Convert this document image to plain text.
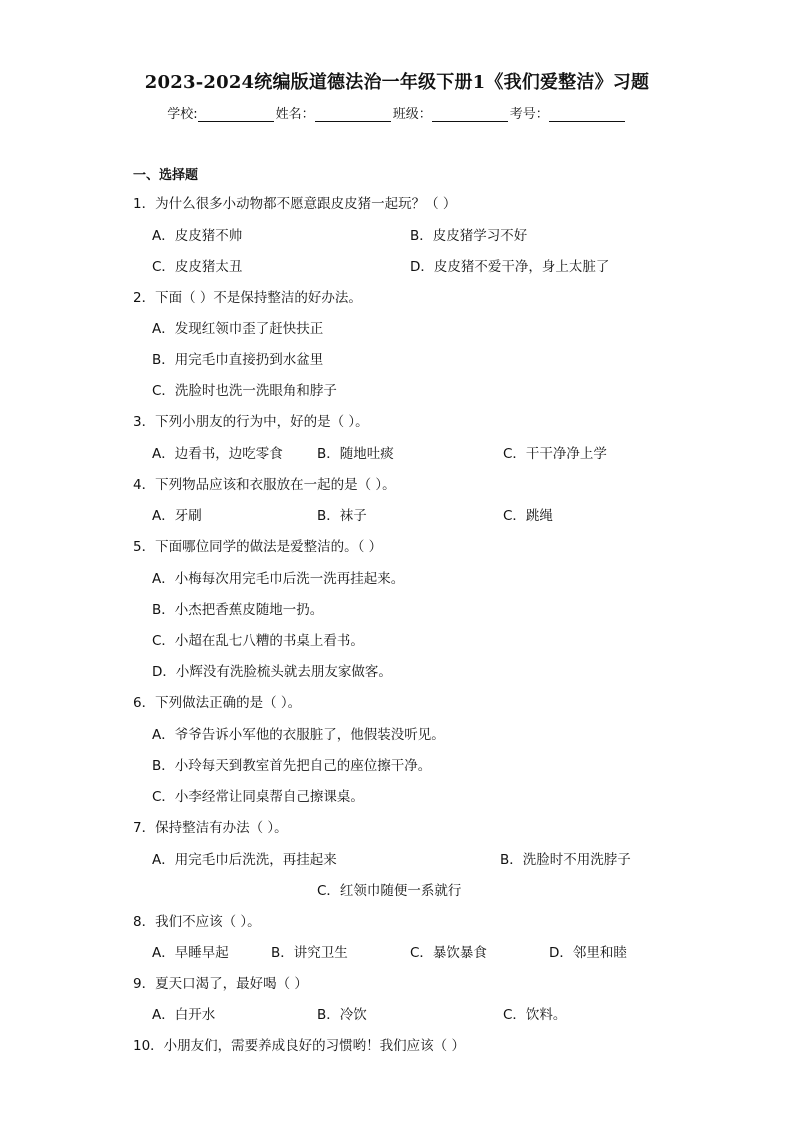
2023-2024统编版道德法治一年级下册1《我们爱整洁》习题
学校:	姓名：	班级：	考号：
一、选择题
1．为什么很多小动物都不愿意跟皮皮猪一起玩？（ ）
A．皮皮猪不帅	B．皮皮猪学习不好
C．皮皮猪太丑	D．皮皮猪不爱干净，身上太脏了
2．下面（ ）不是保持整洁的好办法。
A．发现红领巾歪了赶快扶正
B．用完毛巾直接扔到水盆里
C．洗脸时也洗一洗眼角和脖子
3．下列小朋友的行为中，好的是（ ）。
A．边看书，边吃零食	B．随地吐痰	C．干干净净上学
4．下列物品应该和衣服放在一起的是（ ）。
A．牙刷	B．袜子	C．跳绳
5．下面哪位同学的做法是爱整洁的。（ ）
A．小梅每次用完毛巾后洗一洗再挂起来。
B．小杰把香蕉皮随地一扔。
C．小超在乱七八糟的书桌上看书。
D．小辉没有洗脸梳头就去朋友家做客。
6．下列做法正确的是（ ）。
A．爷爷告诉小军他的衣服脏了，他假装没听见。
B．小玲每天到教室首先把自己的座位擦干净。
C．小李经常让同桌帮自己擦课桌。
7．保持整洁有办法（ ）。
A．用完毛巾后洗洗，再挂起来	B．洗脸时不用洗脖子
C．红领巾随便一系就行
8．我们不应该（ ）。
A．早睡早起	B．讲究卫生	C．暴饮暴食	D．邻里和睦
9．夏天口渴了，最好喝（ ）
A．白开水	B．冷饮	C．饮料。
10．小朋友们，需要养成良好的习惯哟！我们应该（ ）
